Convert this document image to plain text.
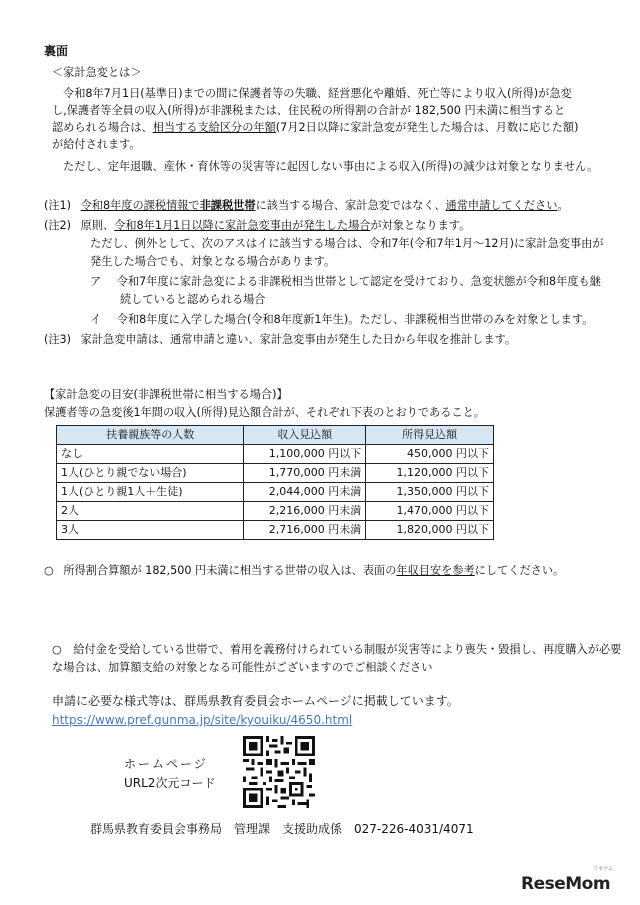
裏面
＜家計急変とは＞
令和8年7月1日(基準日)までの間に保護者等の失職、経営悪化や離婚、死亡等により収入(所得)が急変
し,保護者等全員の収入(所得)が非課税または、住民税の所得割の合計が 182,500 円未満に相当すると
認められる場合は、相当する支給区分の年額(7月2日以降に家計急変が発生した場合は、月数に応じた額)
が給付されます。
ただし、定年退職、産休・育休等の災害等に起因しない事由による収入(所得)の減少は対象となりません。
(注1) 令和8年度の課税情報で非課税世帯に該当する場合、家計急変ではなく、通常申請してください。
(注2) 原則、令和8年1月1日以降に家計急変事由が発生した場合が対象となります。
ただし、例外として、次のアスはイに該当する場合は、令和7年(令和7年1月～12月)に家計急変事由が
発生した場合でも、対象となる場合があります。
ア 令和7年度に家計急変による非課税相当世帯として認定を受けており、急変状態が令和8年度も継
続していると認められる場合
イ 令和8年度に入学した場合(令和8年度新1年生)。ただし、非課税相当世帯のみを対象とします。
(注3) 家計急変申請は、通常申請と違い、家計急変事由が発生した日から年収を推計します。
【家計急変の目安(非課税世帯に相当する場合)】
保護者等の急変後1年間の収入(所得)見込額合計が、それぞれ下表のとおりであること。
扶養親族等の人数	収入見込額	所得見込額
なし	1,100,000 円以下	450,000 円以下
1人(ひとり親でない場合)	1,770,000 円未満	1,120,000 円以下
1人(ひとり親1人＋生徒)	2,044,000 円未満	1,350,000 円以下
2人	2,216,000 円未満	1,470,000 円以下
3人	2,716,000 円未満	1,820,000 円以下
○ 所得割合算額が 182,500 円未満に相当する世帯の収入は、表面の年収目安を参考にしてください。
○ 給付金を受給している世帯で、着用を義務付けられている制服が災害等により喪失・毀損し、再度購入が必要
な場合は、加算額支給の対象となる可能性がございますのでご相談ください
申請に必要な様式等は、群馬県教育委員会ホームページに掲載しています。
https://www.pref.gunma.jp/site/kyouiku/4650.html
ホームページ
URL2次元コード
群馬県教育委員会事務局　管理課　支援助成係　027-226-4031/4071
リセマム
ReseMom
